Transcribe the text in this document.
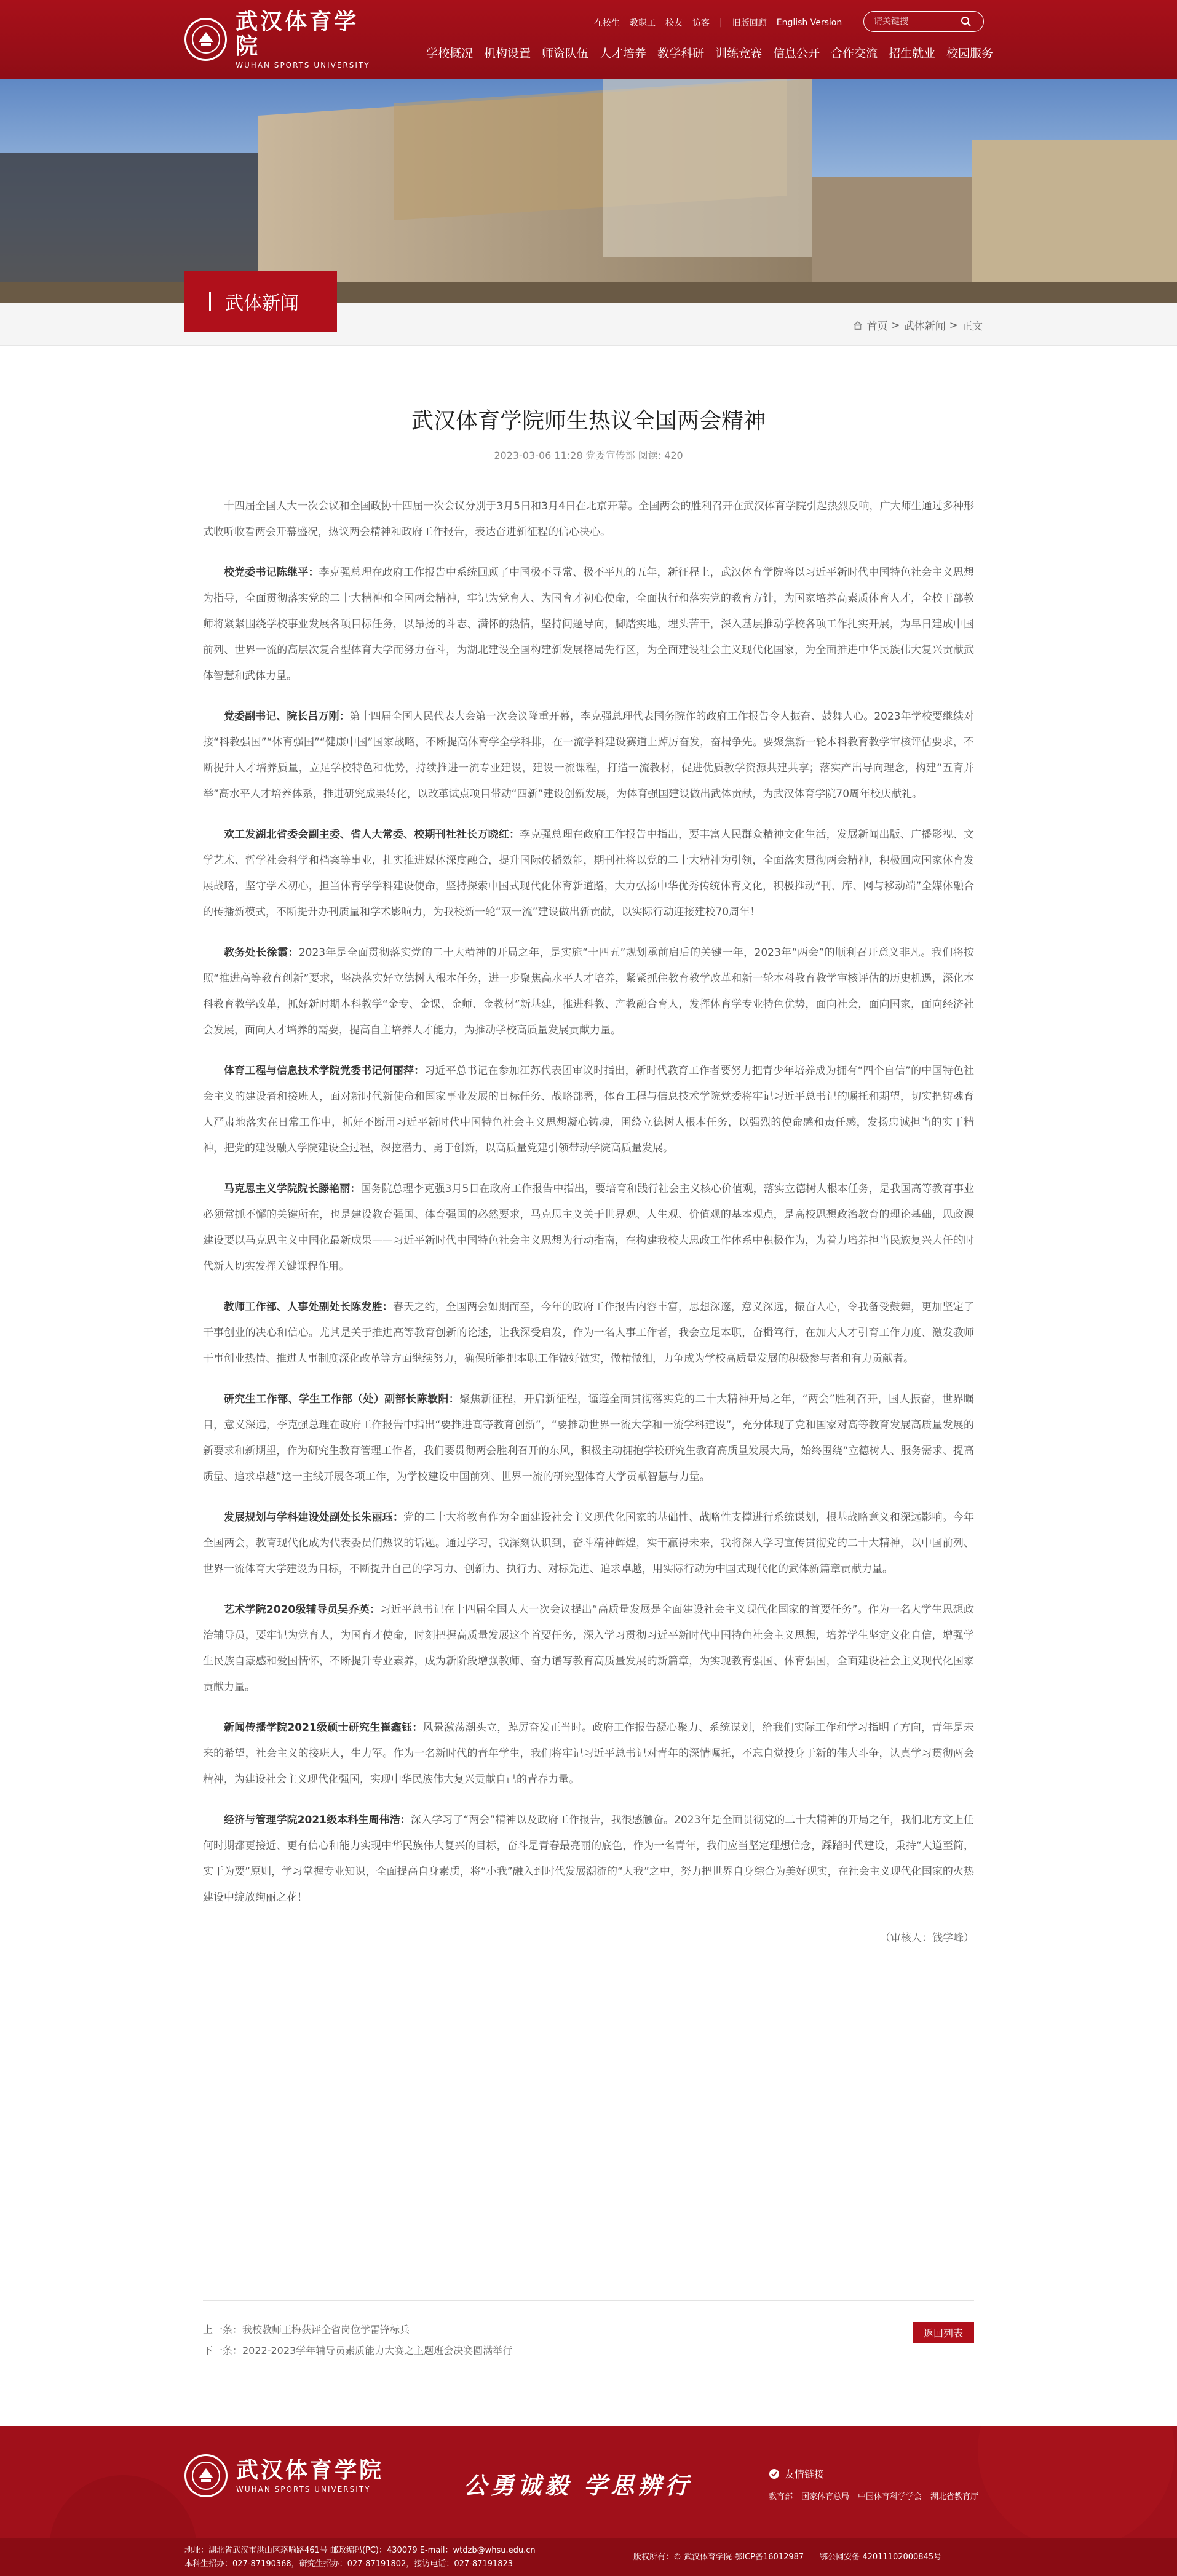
武汉体育学院
WUHAN SPORTS UNIVERSITY
在校生 教职工 校友 访客 | 旧版回顾 English Version
请关键搜
学校概况 机构设置 师资队伍 人才培养 教学科研 训练竞赛 信息公开 合作交流 招生就业 校园服务
武体新闻
首页 > 武体新闻 > 正文
武汉体育学院师生热议全国两会精神
2023-03-06 11:28 党委宣传部 阅读: 420

十四届全国人大一次会议和全国政协十四届一次会议分别于3月5日和3月4日在北京开幕。全国两会的胜利召开在武汉体育学院引起热烈反响，广大师生通过多种形式收听收看两会开幕盛况，热议两会精神和政府工作报告，表达奋进新征程的信心决心。

校党委书记陈继平：李克强总理在政府工作报告中系统回顾了中国极不寻常、极不平凡的五年，新征程上，武汉体育学院将以习近平新时代中国特色社会主义思想为指导，全面贯彻落实党的二十大精神和全国两会精神，牢记为党育人、为国育才初心使命，全面执行和落实党的教育方针，为国家培养高素质体育人才，全校干部教师将紧紧围绕学校事业发展各项目标任务，以昂扬的斗志、满怀的热情，坚持问题导向，脚踏实地，埋头苦干，深入基层推动学校各项工作扎实开展，为早日建成中国前列、世界一流的高层次复合型体育大学而努力奋斗，为湖北建设全国构建新发展格局先行区，为全面建设社会主义现代化国家，为全面推进中华民族伟大复兴贡献武体智慧和武体力量。

党委副书记、院长吕万刚：第十四届全国人民代表大会第一次会议隆重开幕，李克强总理代表国务院作的政府工作报告令人振奋、鼓舞人心。2023年学校要继续对接“科教强国”“体育强国”“健康中国”国家战略，不断提高体育学全学科排，在一流学科建设赛道上踔厉奋发，奋楫争先。要聚焦新一轮本科教育教学审核评估要求，不断提升人才培养质量，立足学校特色和优势，持续推进一流专业建设，建设一流课程，打造一流教材，促进优质教学资源共建共享；落实产出导向理念，构建“五育并举”高水平人才培养体系，推进研究成果转化，以改革试点项目带动“四新”建设创新发展，为体育强国建设做出武体贡献，为武汉体育学院70周年校庆献礼。

欢工发湖北省委会副主委、省人大常委、校期刊社社长万晓红：李克强总理在政府工作报告中指出，要丰富人民群众精神文化生活，发展新闻出版、广播影视、文学艺术、哲学社会科学和档案等事业，扎实推进媒体深度融合，提升国际传播效能，期刊社将以党的二十大精神为引领，全面落实贯彻两会精神，积极回应国家体育发展战略，坚守学术初心，担当体育学学科建设使命，坚持探索中国式现代化体育新道路，大力弘扬中华优秀传统体育文化，积极推动“刊、库、网与移动端”全媒体融合的传播新模式，不断提升办刊质量和学术影响力，为我校新一轮“双一流”建设做出新贡献，以实际行动迎接建校70周年！

教务处长徐霞：2023年是全面贯彻落实党的二十大精神的开局之年，是实施“十四五”规划承前启后的关键一年，2023年“两会”的顺利召开意义非凡。我们将按照“推进高等教育创新”要求，坚决落实好立德树人根本任务，进一步聚焦高水平人才培养，紧紧抓住教育教学改革和新一轮本科教育教学审核评估的历史机遇，深化本科教育教学改革，抓好新时期本科教学“金专、金课、金师、金教材”新基建，推进科教、产教融合育人，发挥体育学专业特色优势，面向社会，面向国家，面向经济社会发展，面向人才培养的需要，提高自主培养人才能力，为推动学校高质量发展贡献力量。

体育工程与信息技术学院党委书记何丽萍：习近平总书记在参加江苏代表团审议时指出，新时代教育工作者要努力把青少年培养成为拥有“四个自信”的中国特色社会主义的建设者和接班人，面对新时代新使命和国家事业发展的目标任务、战略部署，体育工程与信息技术学院党委将牢记习近平总书记的嘱托和期望，切实把铸魂育人严肃地落实在日常工作中，抓好不断用习近平新时代中国特色社会主义思想凝心铸魂，围绕立德树人根本任务，以强烈的使命感和责任感，发扬忠诚担当的实干精神，把党的建设融入学院建设全过程，深挖潜力、勇于创新，以高质量党建引领带动学院高质量发展。

马克思主义学院院长滕艳丽：国务院总理李克强3月5日在政府工作报告中指出，要培育和践行社会主义核心价值观，落实立德树人根本任务，是我国高等教育事业必须常抓不懈的关键所在，也是建设教育强国、体育强国的必然要求，马克思主义关于世界观、人生观、价值观的基本观点，是高校思想政治教育的理论基础，思政课建设要以马克思主义中国化最新成果——习近平新时代中国特色社会主义思想为行动指南，在构建我校大思政工作体系中积极作为，为着力培养担当民族复兴大任的时代新人切实发挥关键课程作用。

教师工作部、人事处副处长陈发胜：春天之约，全国两会如期而至，今年的政府工作报告内容丰富，思想深邃，意义深远，振奋人心，令我备受鼓舞，更加坚定了干事创业的决心和信心。尤其是关于推进高等教育创新的论述，让我深受启发，作为一名人事工作者，我会立足本职，奋楫笃行，在加大人才引育工作力度、激发教师干事创业热情、推进人事制度深化改革等方面继续努力，确保所能把本职工作做好做实，做精做细，力争成为学校高质量发展的积极参与者和有力贡献者。

研究生工作部、学生工作部（处）副部长陈敏阳：聚焦新征程，开启新征程，谨遵全面贯彻落实党的二十大精神开局之年，“两会”胜利召开，国人振奋，世界瞩目，意义深远，李克强总理在政府工作报告中指出“要推进高等教育创新”，“要推动世界一流大学和一流学科建设”，充分体现了党和国家对高等教育发展高质量发展的新要求和新期望，作为研究生教育管理工作者，我们要贯彻两会胜利召开的东风，积极主动拥抱学校研究生教育高质量发展大局，始终围绕“立德树人、服务需求、提高质量、追求卓越”这一主线开展各项工作，为学校建设中国前列、世界一流的研究型体育大学贡献智慧与力量。

发展规划与学科建设处副处长朱丽珏：党的二十大将教育作为全面建设社会主义现代化国家的基础性、战略性支撑进行系统谋划，根基战略意义和深远影响。今年全国两会，教育现代化成为代表委员们热议的话题。通过学习，我深刻认识到，奋斗精神辉煌，实干赢得未来，我将深入学习宣传贯彻党的二十大精神，以中国前列、世界一流体育大学建设为目标，不断提升自己的学习力、创新力、执行力、对标先进、追求卓越，用实际行动为中国式现代化的武体新篇章贡献力量。

艺术学院2020级辅导员吴乔英：习近平总书记在十四届全国人大一次会议提出“高质量发展是全面建设社会主义现代化国家的首要任务”。作为一名大学生思想政治辅导员，要牢记为党育人，为国育才使命，时刻把握高质量发展这个首要任务，深入学习贯彻习近平新时代中国特色社会主义思想，培养学生坚定文化自信，增强学生民族自豪感和爱国情怀，不断提升专业素养，成为新阶段增强教师、奋力谱写教育高质量发展的新篇章，为实现教育强国、体育强国，全面建设社会主义现代化国家贡献力量。

新闻传播学院2021级硕士研究生崔鑫钰：风景激荡潮头立，踔厉奋发正当时。政府工作报告凝心聚力、系统谋划，给我们实际工作和学习指明了方向，青年是未来的希望，社会主义的接班人，生力军。作为一名新时代的青年学生，我们将牢记习近平总书记对青年的深情嘱托，不忘自觉投身于新的伟大斗争，认真学习贯彻两会精神，为建设社会主义现代化强国，实现中华民族伟大复兴贡献自己的青春力量。

经济与管理学院2021级本科生周伟浩：深入学习了“两会”精神以及政府工作报告，我很感触奋。2023年是全面贯彻党的二十大精神的开局之年，我们北方文上任何时期都更接近、更有信心和能力实现中华民族伟大复兴的目标，奋斗是青春最亮丽的底色，作为一名青年，我们应当坚定理想信念，踩踏时代建设，秉持“大道至简，实干为要”原则，学习掌握专业知识，全面提高自身素质，将“小我”融入到时代发展潮流的“大我”之中，努力把世界自身综合为美好现实，在社会主义现代化国家的火热建设中绽放绚丽之花！

（审核人：钱学峰）

上一条：我校教师王梅获评全省岗位学雷锋标兵
下一条：2022-2023学年辅导员素质能力大赛之主题班会决赛圆满举行
返回列表
武汉体育学院
WUHAN SPORTS UNIVERSITY	公勇诚毅 学思辨行	友情链接
教育部 国家体育总局 中国体育科学学会 湖北省教育厅
地址：湖北省武汉市洪山区珞喻路461号 邮政编码(PC)：430079 E-mail：wtdzb@whsu.edu.cn
本科生招办：027-87190368，研究生招办：027-87191802，接访电话：027-87191823
版权所有：© 武汉体育学院 鄂ICP备16012987 鄂公网安备 42011102000845号
